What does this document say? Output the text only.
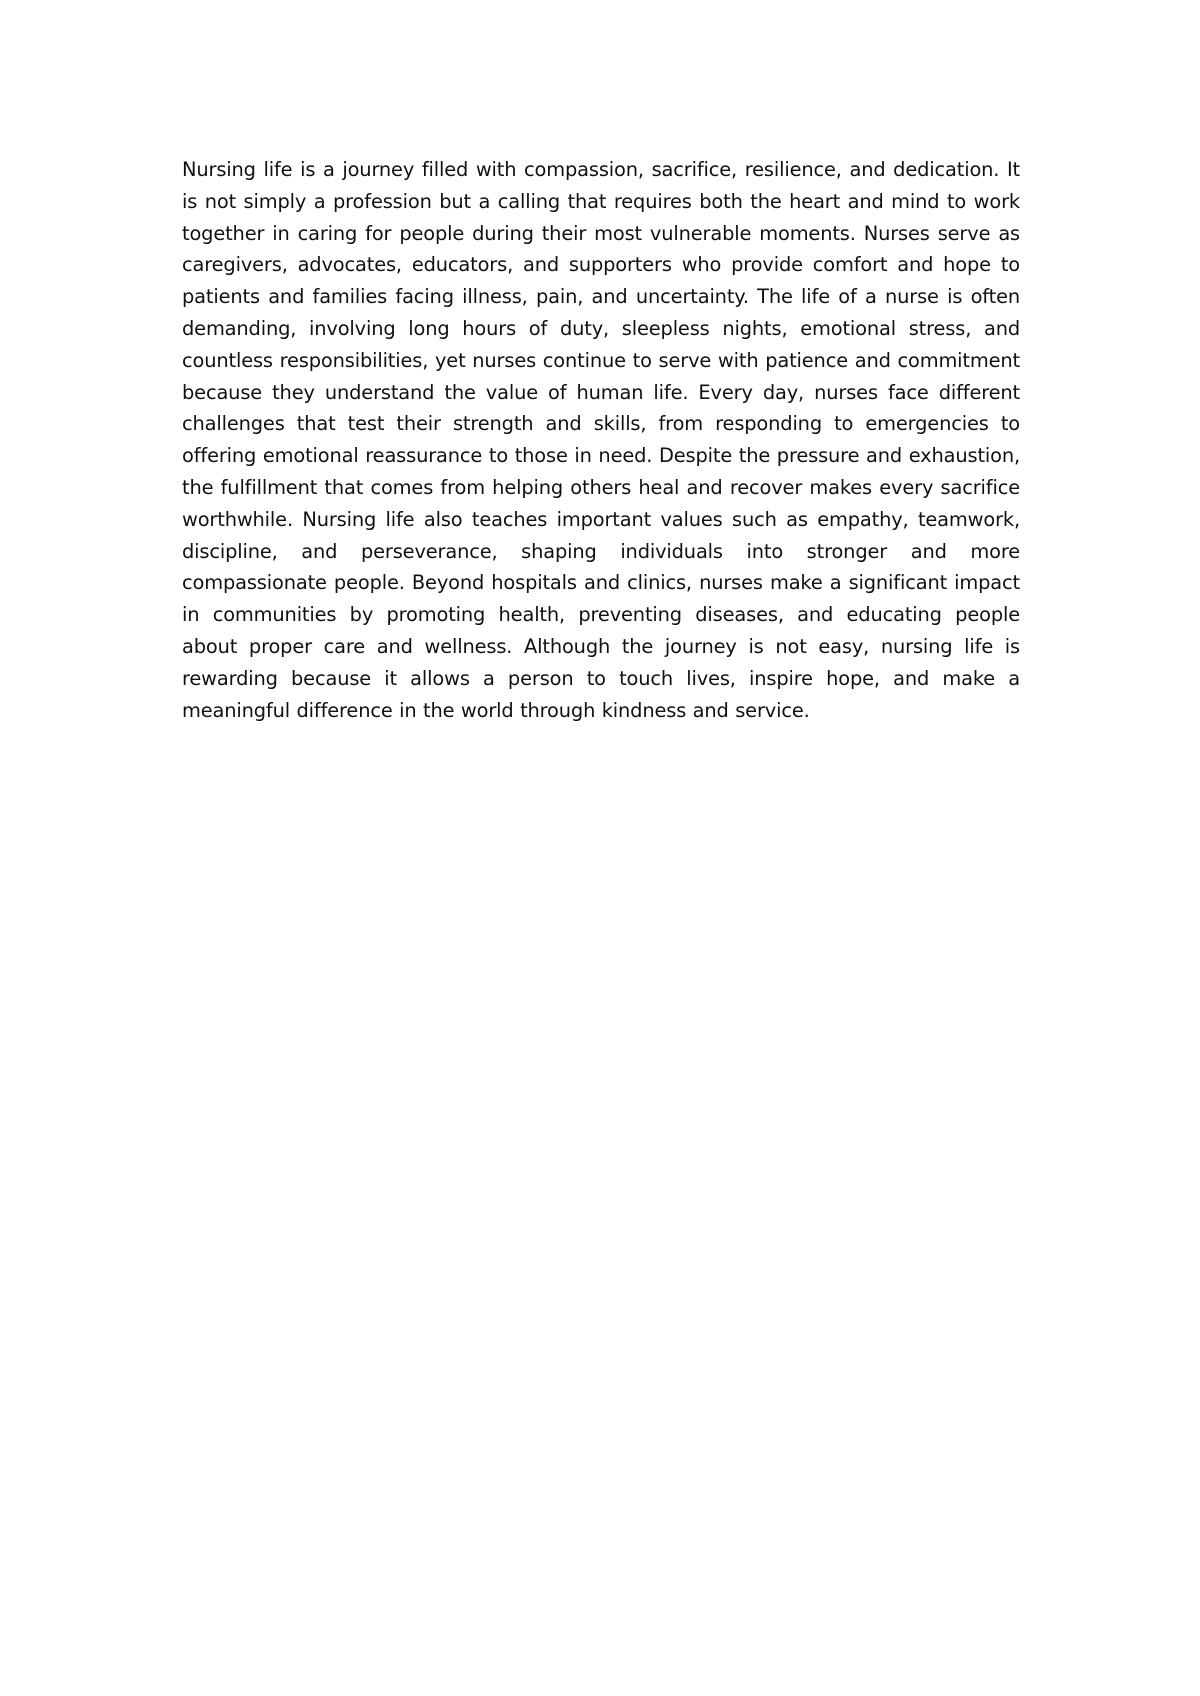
Nursing life is a journey filled with compassion, sacrifice, resilience, and dedication. It is not simply a profession but a calling that requires both the heart and mind to work together in caring for people during their most vulnerable moments. Nurses serve as caregivers, advocates, educators, and supporters who provide comfort and hope to patients and families facing illness, pain, and uncertainty. The life of a nurse is often demanding, involving long hours of duty, sleepless nights, emotional stress, and countless responsibilities, yet nurses continue to serve with patience and commitment because they understand the value of human life. Every day, nurses face different challenges that test their strength and skills, from responding to emergencies to offering emotional reassurance to those in need. Despite the pressure and exhaustion, the fulfillment that comes from helping others heal and recover makes every sacrifice worthwhile. Nursing life also teaches important values such as empathy, teamwork, discipline, and perseverance, shaping individuals into stronger and more compassionate people. Beyond hospitals and clinics, nurses make a significant impact in communities by promoting health, preventing diseases, and educating people about proper care and wellness. Although the journey is not easy, nursing life is rewarding because it allows a person to touch lives, inspire hope, and make a meaningful difference in the world through kindness and service.
